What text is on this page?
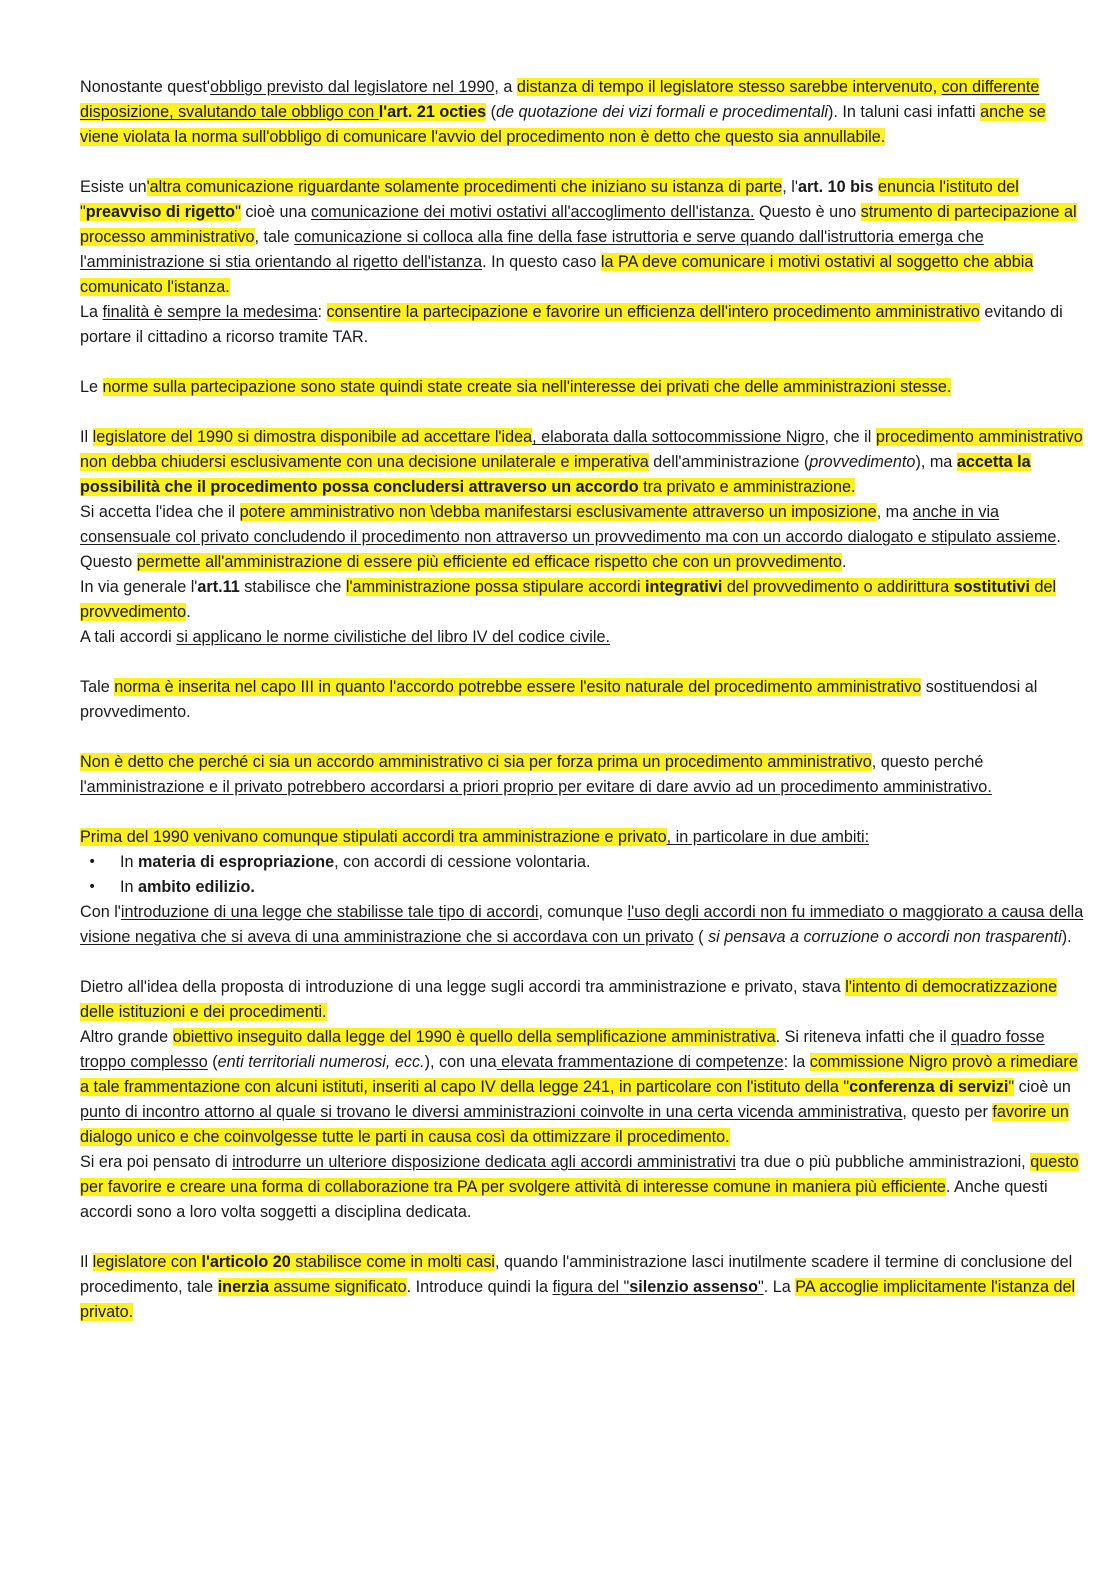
Nonostante quest'obbligo previsto dal legislatore nel 1990, a distanza di tempo il legislatore stesso sarebbe intervenuto, con differente disposizione, svalutando tale obbligo con l'art. 21 octies (de quotazione dei vizi formali e procedimentali). In taluni casi infatti anche se viene violata la norma sull'obbligo di comunicare l'avvio del procedimento non è detto che questo sia annullabile.
Esiste un'altra comunicazione riguardante solamente procedimenti che iniziano su istanza di parte, l'art. 10 bis enuncia l'istituto del "preavviso di rigetto" cioè una comunicazione dei motivi ostativi all'accoglimento dell'istanza. Questo è uno strumento di partecipazione al processo amministrativo, tale comunicazione si colloca alla fine della fase istruttoria e serve quando dall'istruttoria emerga che l'amministrazione si stia orientando al rigetto dell'istanza. In questo caso la PA deve comunicare i motivi ostativi al soggetto che abbia comunicato l'istanza.
La finalità è sempre la medesima: consentire la partecipazione e favorire un efficienza dell'intero procedimento amministrativo evitando di portare il cittadino a ricorso tramite TAR.
Le norme sulla partecipazione sono state quindi state create sia nell'interesse dei privati che delle amministrazioni stesse.
Il legislatore del 1990 si dimostra disponibile ad accettare l'idea, elaborata dalla sottocommissione Nigro, che il procedimento amministrativo non debba chiudersi esclusivamente con una decisione unilaterale e imperativa dell'amministrazione (provvedimento), ma accetta la possibilità che il procedimento possa concludersi attraverso un accordo tra privato e amministrazione.
Si accetta l'idea che il potere amministrativo non \debba manifestarsi esclusivamente attraverso un imposizione, ma anche in via consensuale col privato concludendo il procedimento non attraverso un provvedimento ma con un accordo dialogato e stipulato assieme. Questo permette all'amministrazione di essere più efficiente ed efficace rispetto che con un provvedimento.
In via generale l'art.11 stabilisce che l'amministrazione possa stipulare accordi integrativi del provvedimento o addirittura sostitutivi del provvedimento.
A tali accordi si applicano le norme civilistiche del libro IV del codice civile.
Tale norma è inserita nel capo III in quanto l'accordo potrebbe essere l'esito naturale del procedimento amministrativo sostituendosi al provvedimento.
Non è detto che perché ci sia un accordo amministrativo ci sia per forza prima un procedimento amministrativo, questo perché l'amministrazione e il privato potrebbero accordarsi a priori proprio per evitare di dare avvio ad un procedimento amministrativo.
Prima del 1990 venivano comunque stipulati accordi tra amministrazione e privato, in particolare in due ambiti:
• In materia di espropriazione, con accordi di cessione volontaria.
• In ambito edilizio.
Con l'introduzione di una legge che stabilisse tale tipo di accordi, comunque l'uso degli accordi non fu immediato o maggiorato a causa della visione negativa che si aveva di una amministrazione che si accordava con un privato ( si pensava a corruzione o accordi non trasparenti).
Dietro all'idea della proposta di introduzione di una legge sugli accordi tra amministrazione e privato, stava l'intento di democratizzazione delle istituzioni e dei procedimenti.
Altro grande obiettivo inseguito dalla legge del 1990 è quello della semplificazione amministrativa. Si riteneva infatti che il quadro fosse troppo complesso (enti territoriali numerosi, ecc.), con una elevata frammentazione di competenze: la commissione Nigro provò a rimediare a tale frammentazione con alcuni istituti, inseriti al capo IV della legge 241, in particolare con l'istituto della "conferenza di servizi" cioè un punto di incontro attorno al quale si trovano le diversi amministrazioni coinvolte in una certa vicenda amministrativa, questo per favorire un dialogo unico e che coinvolgesse tutte le parti in causa così da ottimizzare il procedimento.
Si era poi pensato di introdurre un ulteriore disposizione dedicata agli accordi amministrativi tra due o più pubbliche amministrazioni, questo per favorire e creare una forma di collaborazione tra PA per svolgere attività di interesse comune in maniera più efficiente. Anche questi accordi sono a loro volta soggetti a disciplina dedicata.
Il legislatore con l'articolo 20 stabilisce come in molti casi, quando l'amministrazione lasci inutilmente scadere il termine di conclusione del procedimento, tale inerzia assume significato. Introduce quindi la figura del "silenzio assenso". La PA accoglie implicitamente l'istanza del privato.
